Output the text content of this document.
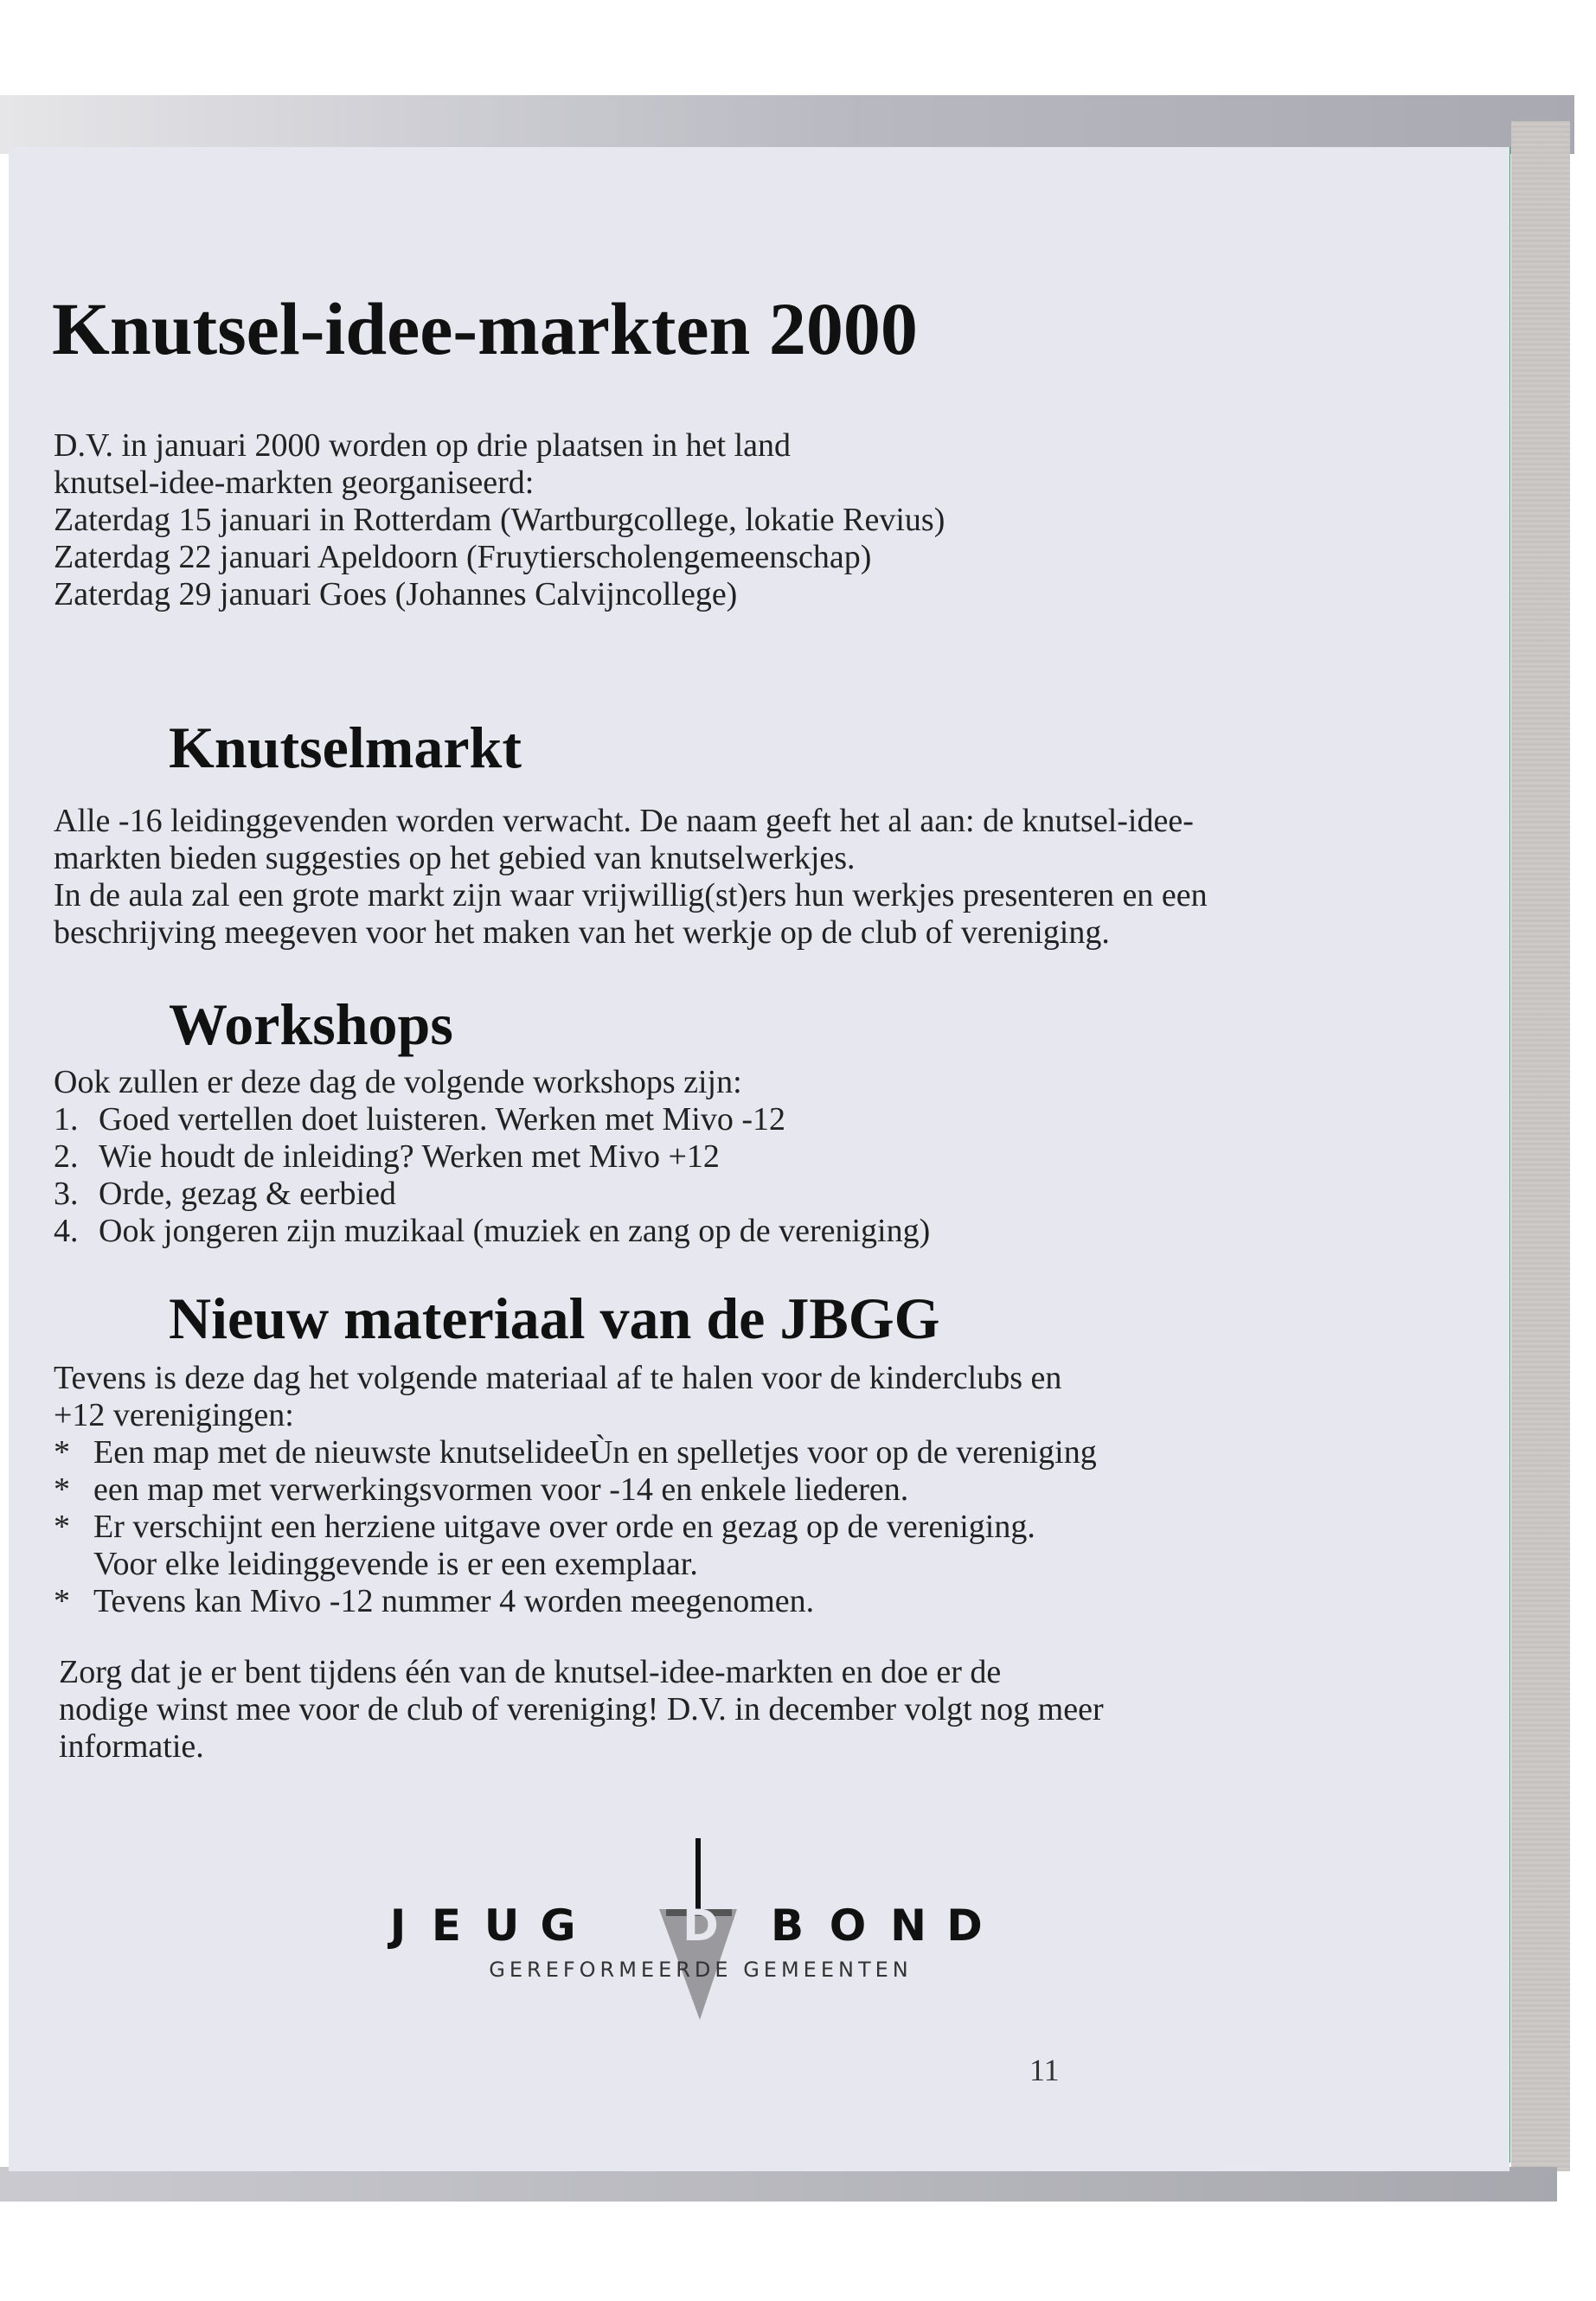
Knutsel-idee-markten 2000
D.V. in januari 2000 worden op drie plaatsen in het land
knutsel-idee-markten georganiseerd:
Zaterdag 15 januari in Rotterdam (Wartburgcollege, lokatie Revius)
Zaterdag 22 januari Apeldoorn (Fruytierscholengemeenschap)
Zaterdag 29 januari Goes (Johannes Calvijncollege)
Knutselmarkt
Alle -16 leidinggevenden worden verwacht. De naam geeft het al aan: de knutsel-idee-
markten bieden suggesties op het gebied van knutselwerkjes.
In de aula zal een grote markt zijn waar vrijwillig(st)ers hun werkjes presenteren en een
beschrijving meegeven voor het maken van het werkje op de club of vereniging.
Workshops
Ook zullen er deze dag de volgende workshops zijn:
1. Goed vertellen doet luisteren. Werken met Mivo -12
2. Wie houdt de inleiding? Werken met Mivo +12
3. Orde, gezag & eerbied
4. Ook jongeren zijn muzikaal (muziek en zang op de vereniging)
Nieuw materiaal van de JBGG
Tevens is deze dag het volgende materiaal af te halen voor de kinderclubs en
+12 verenigingen:
* Een map met de nieuwste knutselideeÙn en spelletjes voor op de vereniging
* een map met verwerkingsvormen voor -14 en enkele liederen.
* Er verschijnt een herziene uitgave over orde en gezag op de vereniging.
Voor elke leidinggevende is er een exemplaar.
* Tevens kan Mivo -12 nummer 4 worden meegenomen.
Zorg dat je er bent tijdens één van de knutsel-idee-markten en doe er de
nodige winst mee voor de club of vereniging! D.V. in december volgt nog meer
informatie.
J E U G D B O N D
GEREFORMEERDE GEMEENTEN
11
